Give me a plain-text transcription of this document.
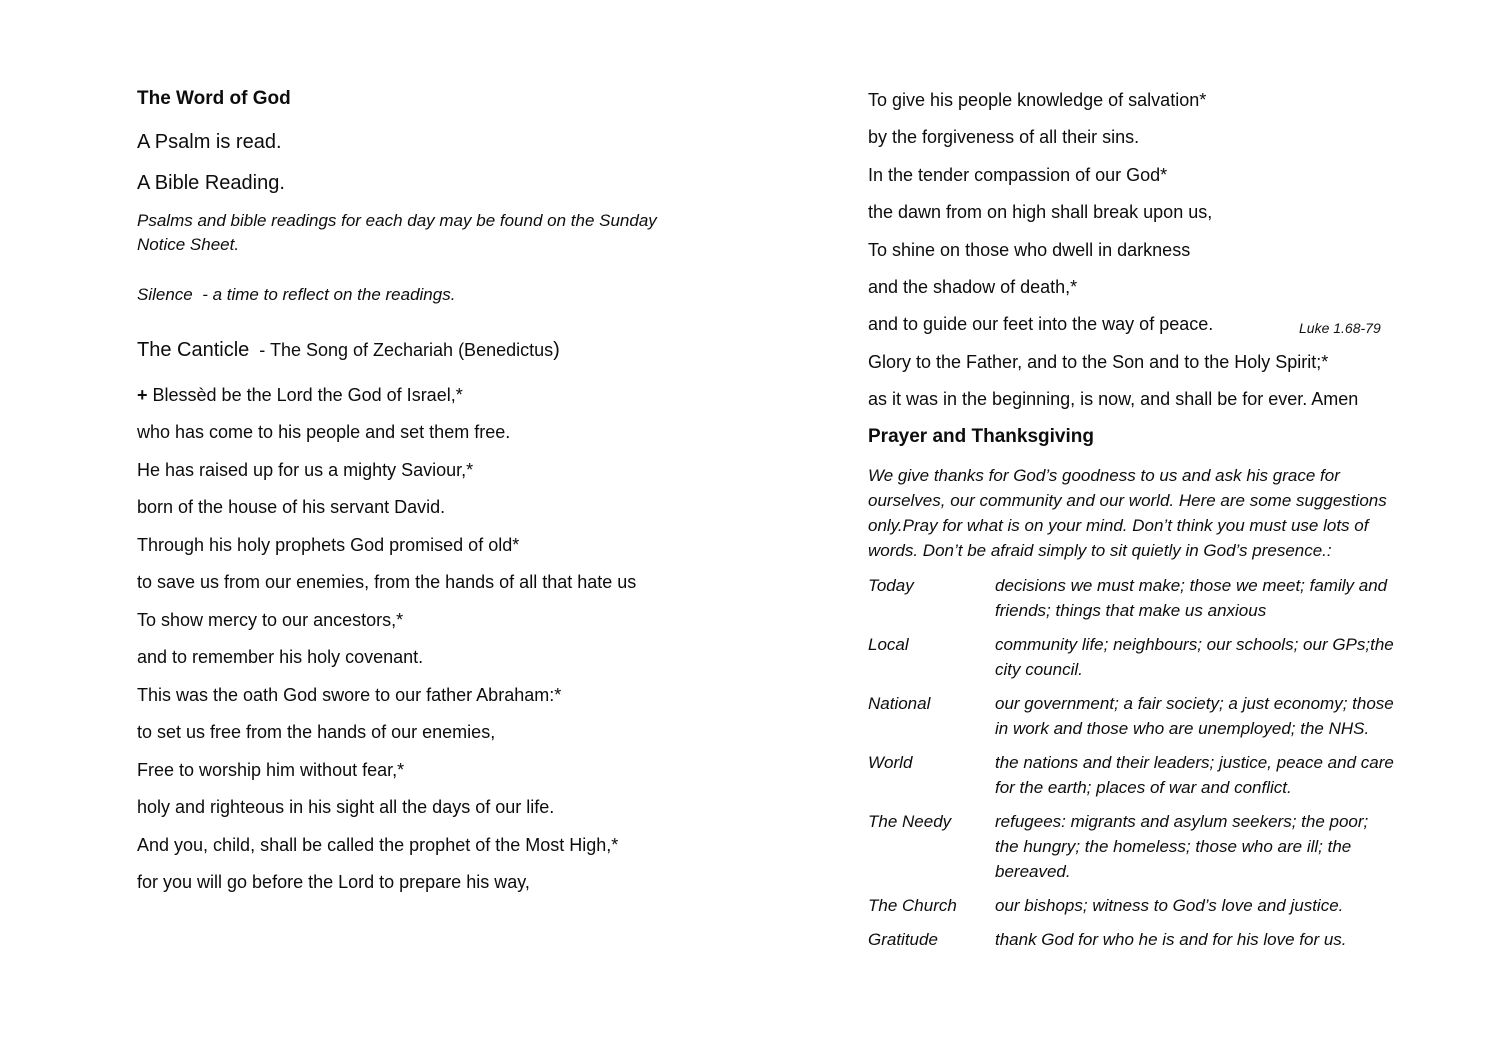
The Word of God

A Psalm is read.

A Bible Reading.

Psalms and bible readings for each day may be found on the Sunday
Notice Sheet.

Silence  - a time to reflect on the readings.

The Canticle  - The Song of Zechariah (Benedictus)

+ Blessèd be the Lord the God of Israel,*

who has come to his people and set them free.

He has raised up for us a mighty Saviour,*

born of the house of his servant David.

Through his holy prophets God promised of old*

to save us from our enemies, from the hands of all that hate us

To show mercy to our ancestors,*

and to remember his holy covenant.

This was the oath God swore to our father Abraham:*

to set us free from the hands of our enemies,

Free to worship him without fear,*

holy and righteous in his sight all the days of our life.

And you, child, shall be called the prophet of the Most High,*

for you will go before the Lord to prepare his way,

To give his people knowledge of salvation*

by the forgiveness of all their sins.

In the tender compassion of our God*

the dawn from on high shall break upon us,

To shine on those who dwell in darkness

and the shadow of death,*

and to guide our feet into the way of peace.	Luke 1.68-79

Glory to the Father, and to the Son and to the Holy Spirit;*

as it was in the beginning, is now, and shall be for ever. Amen

Prayer and Thanksgiving
We give thanks for God’s goodness to us and ask his grace for
ourselves, our community and our world. Here are some suggestions
only.Pray for what is on your mind. Don’t think you must use lots of
words. Don’t be afraid simply to sit quietly in God’s presence.:
Today	decisions we must make; those we meet; family and
friends; things that make us anxious
Local	community life; neighbours; our schools; our GPs;the
city council.
National	our government; a fair society; a just economy; those
in work and those who are unemployed; the NHS.
World	the nations and their leaders; justice, peace and care
for the earth; places of war and conflict.
The Needy	refugees: migrants and asylum seekers; the poor;
the hungry; the homeless; those who are ill; the
bereaved.
The Church	our bishops; witness to God’s love and justice.
Gratitude	thank God for who he is and for his love for us.
